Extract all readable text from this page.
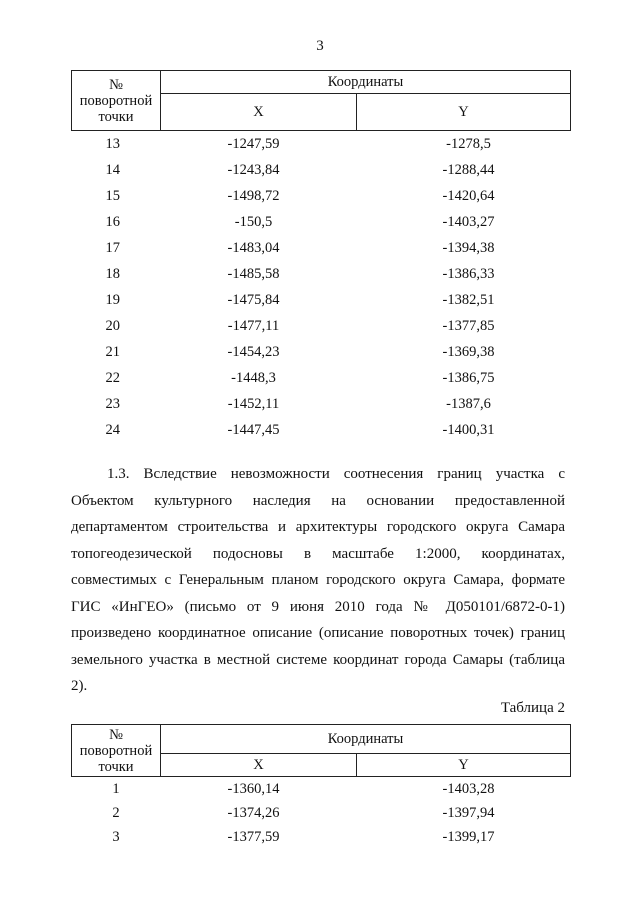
3
№ поворотной точки	Координаты	
	X	Y
13	-1247,59	-1278,5
14	-1243,84	-1288,44
15	-1498,72	-1420,64
16	-150,5	-1403,27
17	-1483,04	-1394,38
18	-1485,58	-1386,33
19	-1475,84	-1382,51
20	-1477,11	-1377,85
21	-1454,23	-1369,38
22	-1448,3	-1386,75
23	-1452,11	-1387,6
24	-1447,45	-1400,31

1.3. Вследствие невозможности соотнесения границ участка с Объектом культурного наследия на основании предоставленной департаментом строительства и архитектуры городского округа Самара топогеодезической подосновы в масштабе 1:2000, координатах, совместимых с Генеральным планом городского округа Самара, формате ГИС «ИнГЕО» (письмо от 9 июня 2010 года № Д050101/6872-0-1) произведено координатное описание (описание поворотных точек) границ земельного участка в местной системе координат города Самары (таблица 2).

Таблица 2
№ поворотной точки	Координаты	
	X	Y
1	-1360,14	-1403,28
2	-1374,26	-1397,94
3	-1377,59	-1399,17
